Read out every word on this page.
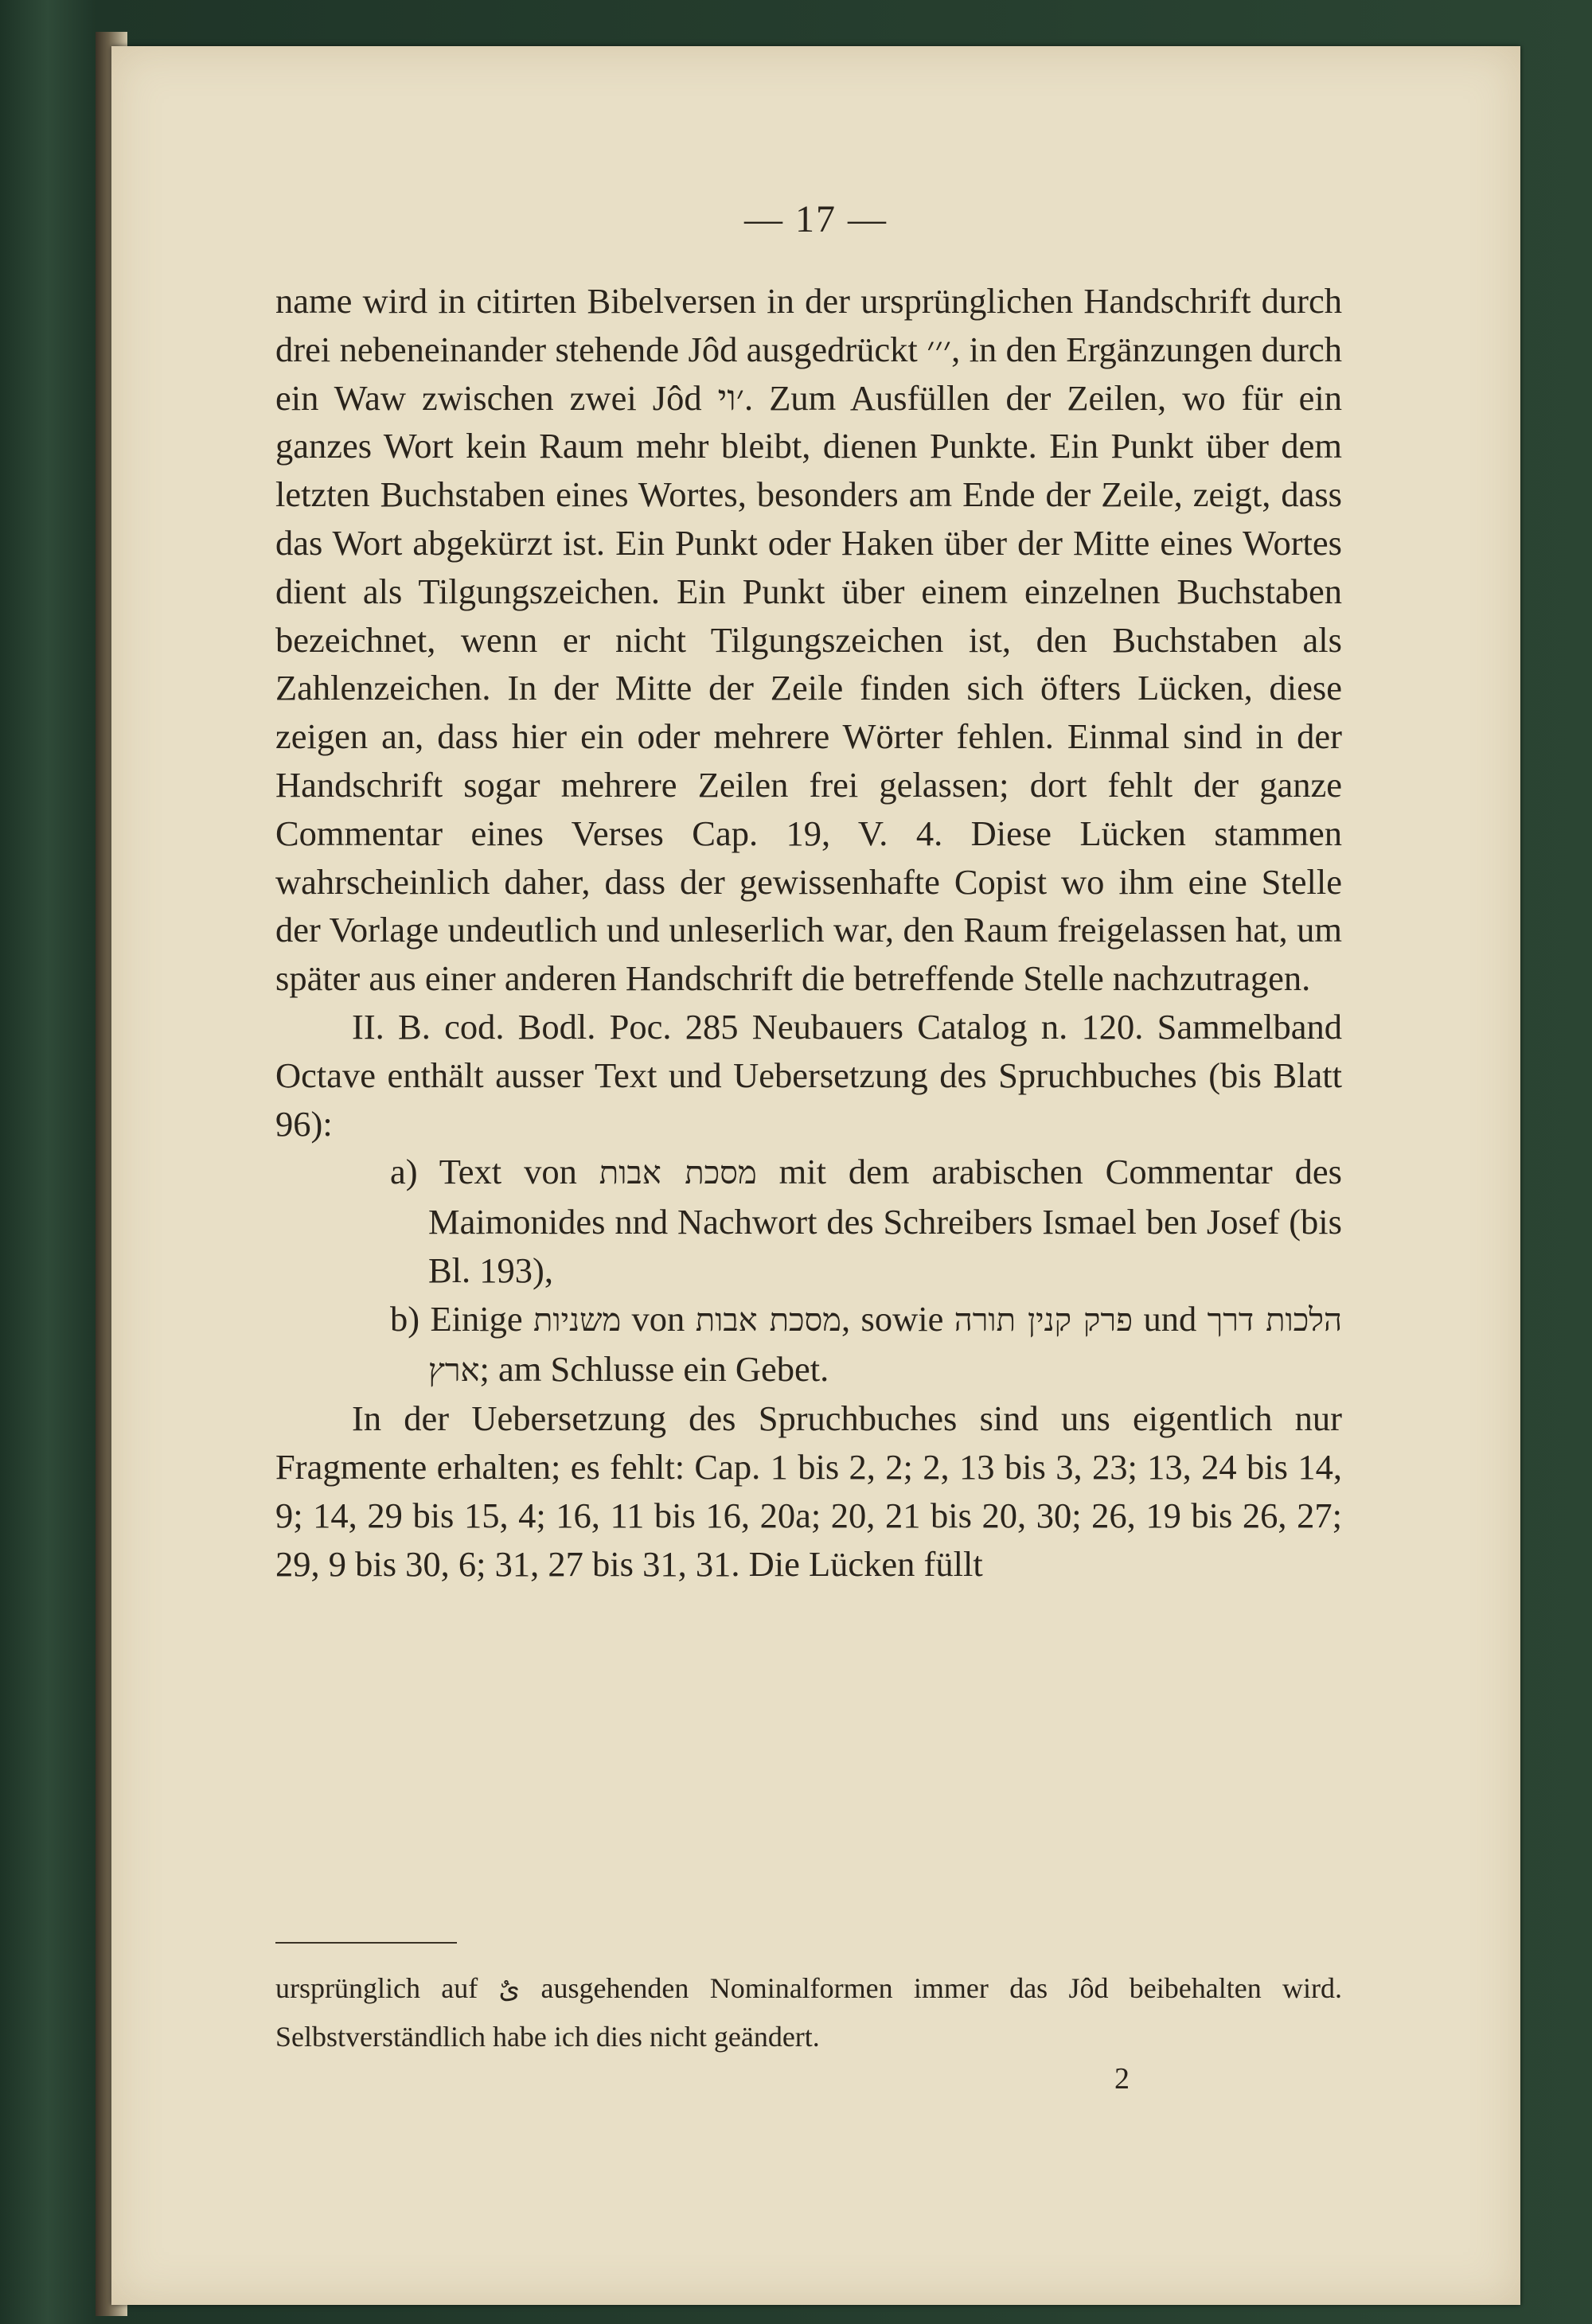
— 17 —

name wird in citirten Bibelversen in der ursprünglichen Handschrift durch drei nebeneinander stehende Jôd ausgedrückt ׳׳׳, in den Ergänzungen durch ein Waw zwischen zwei Jôd ׳וי. Zum Ausfüllen der Zeilen, wo für ein ganzes Wort kein Raum mehr bleibt, dienen Punkte. Ein Punkt über dem letzten Buchstaben eines Wortes, besonders am Ende der Zeile, zeigt, dass das Wort abgekürzt ist. Ein Punkt oder Haken über der Mitte eines Wortes dient als Tilgungszeichen. Ein Punkt über einem einzelnen Buchstaben bezeichnet, wenn er nicht Tilgungszeichen ist, den Buchstaben als Zahlenzeichen. In der Mitte der Zeile finden sich öfters Lücken, diese zeigen an, dass hier ein oder mehrere Wörter fehlen. Einmal sind in der Handschrift sogar mehrere Zeilen frei gelassen; dort fehlt der ganze Commentar eines Verses Cap. 19, V. 4. Diese Lücken stammen wahrscheinlich daher, dass der gewissenhafte Copist wo ihm eine Stelle der Vorlage undeutlich und unleserlich war, den Raum freigelassen hat, um später aus einer anderen Handschrift die betreffende Stelle nachzutragen.

II. B. cod. Bodl. Poc. 285 Neubauers Catalog n. 120. Sammelband Octave enthält ausser Text und Uebersetzung des Spruchbuches (bis Blatt 96):

a) Text von מסכת אבות mit dem arabischen Commentar des Maimonides nnd Nachwort des Schreibers Ismael ben Josef (bis Bl. 193),

b) Einige משניות von מסכת אבות, sowie פרק קנין תורה und הלכות דרך ארץ; am Schlusse ein Gebet.

In der Uebersetzung des Spruchbuches sind uns eigentlich nur Fragmente erhalten; es fehlt: Cap. 1 bis 2, 2; 2, 13 bis 3, 23; 13, 24 bis 14, 9; 14, 29 bis 15, 4; 16, 11 bis 16, 20a; 20, 21 bis 20, 30; 26, 19 bis 26, 27; 29, 9 bis 30, 6; 31, 27 bis 31, 31. Die Lücken füllt

ursprünglich auf ىٌ ausgehenden Nominalformen immer das Jôd beibehalten wird. Selbstverständlich habe ich dies nicht geändert.

2
